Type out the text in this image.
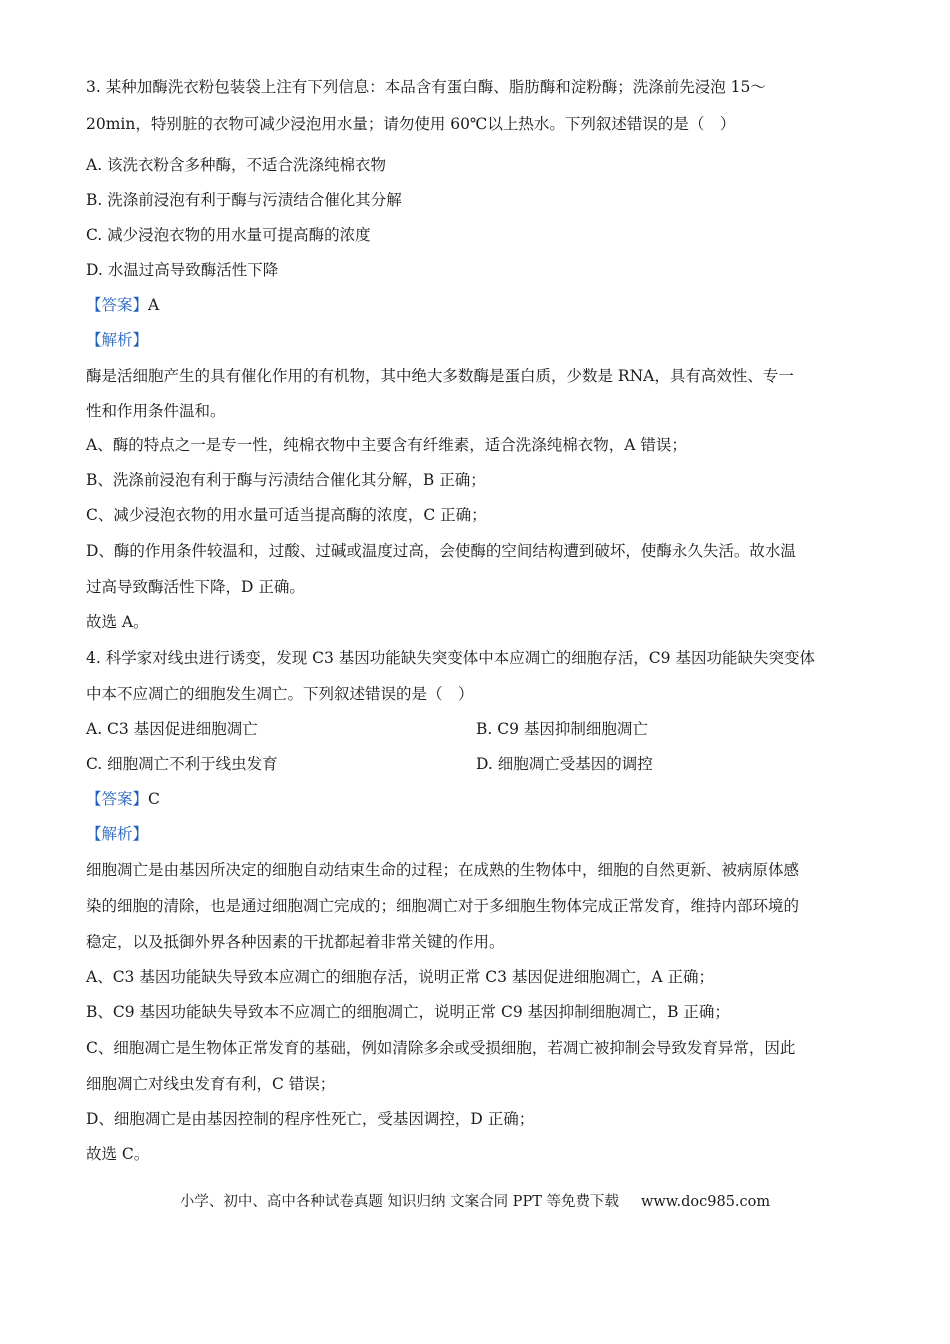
3. 某种加酶洗衣粉包装袋上注有下列信息：本品含有蛋白酶、脂肪酶和淀粉酶；洗涤前先浸泡 15～

20min，特别脏的衣物可减少浸泡用水量；请勿使用 60℃以上热水。下列叙述错误的是（　）

A. 该洗衣粉含多种酶，不适合洗涤纯棉衣物

B. 洗涤前浸泡有利于酶与污渍结合催化其分解

C. 减少浸泡衣物的用水量可提高酶的浓度

D. 水温过高导致酶活性下降

【答案】A

【解析】

酶是活细胞产生的具有催化作用的有机物，其中绝大多数酶是蛋白质，少数是 RNA，具有高效性、专一

性和作用条件温和。

A、酶的特点之一是专一性，纯棉衣物中主要含有纤维素，适合洗涤纯棉衣物，A 错误；

B、洗涤前浸泡有利于酶与污渍结合催化其分解，B 正确；

C、减少浸泡衣物的用水量可适当提高酶的浓度，C 正确；

D、酶的作用条件较温和，过酸、过碱或温度过高，会使酶的空间结构遭到破坏，使酶永久失活。故水温

过高导致酶活性下降，D 正确。

故选 A。

4. 科学家对线虫进行诱变，发现 C3 基因功能缺失突变体中本应凋亡的细胞存活，C9 基因功能缺失突变体

中本不应凋亡的细胞发生凋亡。下列叙述错误的是（　）

A. C3 基因促进细胞凋亡	B. C9 基因抑制细胞凋亡
C. 细胞凋亡不利于线虫发育	D. 细胞凋亡受基因的调控

【答案】C

【解析】

细胞凋亡是由基因所决定的细胞自动结束生命的过程；在成熟的生物体中，细胞的自然更新、被病原体感

染的细胞的清除，也是通过细胞凋亡完成的；细胞凋亡对于多细胞生物体完成正常发育，维持内部环境的

稳定，以及抵御外界各种因素的干扰都起着非常关键的作用。

A、C3 基因功能缺失导致本应凋亡的细胞存活，说明正常 C3 基因促进细胞凋亡，A 正确；

B、C9 基因功能缺失导致本不应凋亡的细胞凋亡，说明正常 C9 基因抑制细胞凋亡，B 正确；

C、细胞凋亡是生物体正常发育的基础，例如清除多余或受损细胞，若凋亡被抑制会导致发育异常，因此

细胞凋亡对线虫发育有利，C 错误；

D、细胞凋亡是由基因控制的程序性死亡，受基因调控，D 正确；

故选 C。

小学、初中、高中各种试卷真题 知识归纳 文案合同 PPT 等免费下载 www.doc985.com
